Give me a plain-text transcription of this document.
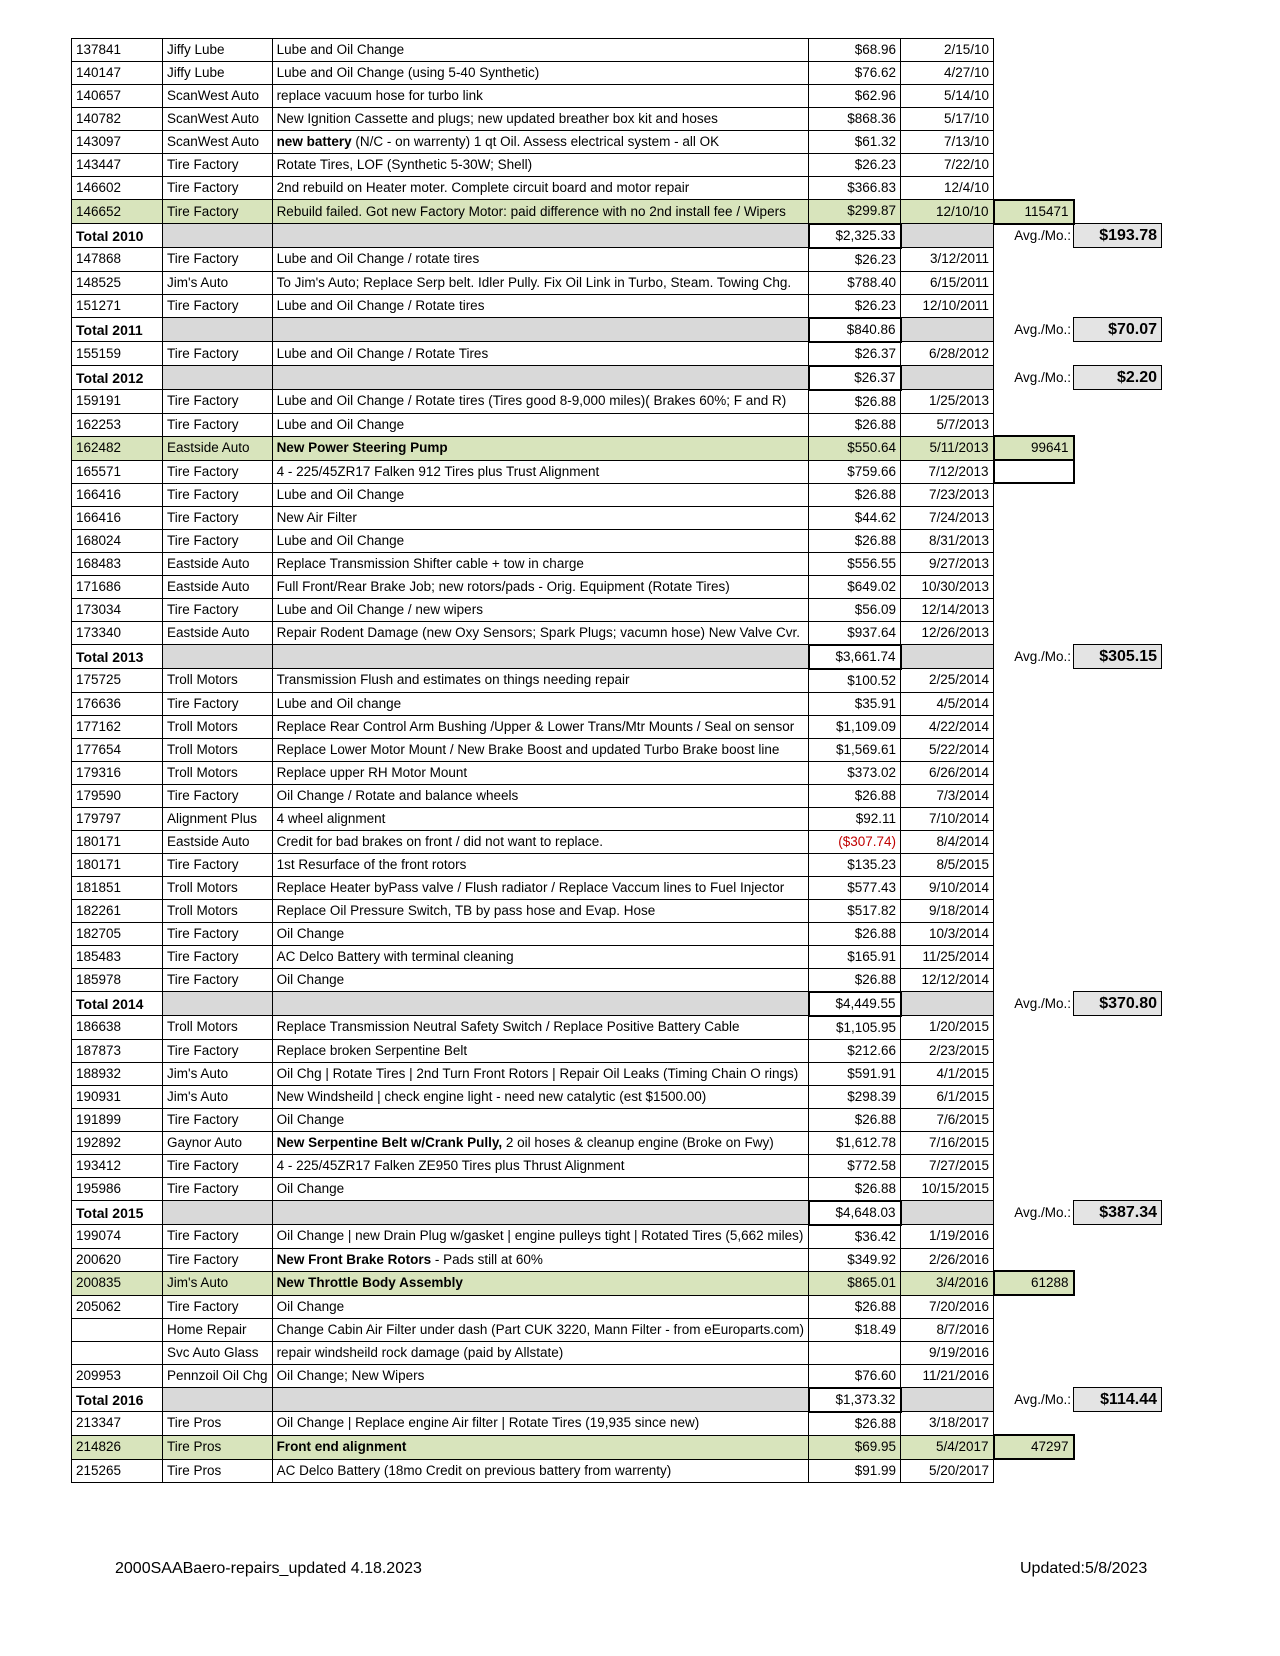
137841	Jiffy Lube	Lube and Oil Change	$68.96	2/15/10		
140147	Jiffy Lube	Lube and Oil Change (using 5-40 Synthetic)	$76.62	4/27/10		
140657	ScanWest Auto	replace vacuum hose for turbo link	$62.96	5/14/10		
140782	ScanWest Auto	New Ignition Cassette and plugs; new updated breather box kit and hoses	$868.36	5/17/10		
143097	ScanWest Auto	new battery (N/C - on warrenty) 1 qt Oil. Assess electrical system - all OK	$61.32	7/13/10		
143447	Tire Factory	Rotate Tires, LOF (Synthetic 5-30W; Shell)	$26.23	7/22/10		
146602	Tire Factory	2nd rebuild on Heater moter. Complete circuit board and motor repair	$366.83	12/4/10		
146652	Tire Factory	Rebuild failed. Got new Factory Motor: paid difference with no 2nd install fee / Wipers	$299.87	12/10/10	115471	
Total 2010			$2,325.33		Avg./Mo.:	$193.78
147868	Tire Factory	Lube and Oil Change / rotate tires	$26.23	3/12/2011		
148525	Jim's Auto	To Jim's Auto; Replace Serp belt. Idler Pully. Fix Oil Link in Turbo, Steam. Towing Chg.	$788.40	6/15/2011		
151271	Tire Factory	Lube and Oil Change / Rotate tires	$26.23	12/10/2011		
Total 2011			$840.86		Avg./Mo.:	$70.07
155159	Tire Factory	Lube and Oil Change / Rotate Tires	$26.37	6/28/2012		
Total 2012			$26.37		Avg./Mo.:	$2.20
159191	Tire Factory	Lube and Oil Change / Rotate tires (Tires good 8-9,000 miles)( Brakes 60%; F and R)	$26.88	1/25/2013		
162253	Tire Factory	Lube and Oil Change	$26.88	5/7/2013		
162482	Eastside Auto	New Power Steering Pump	$550.64	5/11/2013	99641	
165571	Tire Factory	4 - 225/45ZR17 Falken 912 Tires plus Trust Alignment	$759.66	7/12/2013		
166416	Tire Factory	Lube and Oil Change	$26.88	7/23/2013		
166416	Tire Factory	New Air Filter	$44.62	7/24/2013		
168024	Tire Factory	Lube and Oil Change	$26.88	8/31/2013		
168483	Eastside Auto	Replace Transmission Shifter cable + tow in charge	$556.55	9/27/2013		
171686	Eastside Auto	Full Front/Rear Brake Job; new rotors/pads - Orig. Equipment (Rotate Tires)	$649.02	10/30/2013		
173034	Tire Factory	Lube and Oil Change / new wipers	$56.09	12/14/2013		
173340	Eastside Auto	Repair Rodent Damage (new Oxy Sensors; Spark Plugs; vacumn hose) New Valve Cvr.	$937.64	12/26/2013		
Total 2013			$3,661.74		Avg./Mo.:	$305.15
175725	Troll Motors	Transmission Flush and estimates on things needing repair	$100.52	2/25/2014		
176636	Tire Factory	Lube and Oil change	$35.91	4/5/2014		
177162	Troll Motors	Replace Rear Control Arm Bushing /Upper & Lower Trans/Mtr Mounts / Seal on sensor	$1,109.09	4/22/2014		
177654	Troll Motors	Replace Lower Motor Mount / New Brake Boost and updated Turbo Brake boost line	$1,569.61	5/22/2014		
179316	Troll Motors	Replace upper RH Motor Mount	$373.02	6/26/2014		
179590	Tire Factory	Oil Change / Rotate and balance wheels	$26.88	7/3/2014		
179797	Alignment Plus	4 wheel alignment	$92.11	7/10/2014		
180171	Eastside Auto	Credit for bad brakes on front / did not want to replace.	($307.74)	8/4/2014		
180171	Tire Factory	1st Resurface of the front rotors	$135.23	8/5/2015		
181851	Troll Motors	Replace Heater byPass valve / Flush radiator / Replace Vaccum lines to Fuel Injector	$577.43	9/10/2014		
182261	Troll Motors	Replace Oil Pressure Switch, TB by pass hose and Evap. Hose	$517.82	9/18/2014		
182705	Tire Factory	Oil Change	$26.88	10/3/2014		
185483	Tire Factory	AC Delco Battery with terminal cleaning	$165.91	11/25/2014		
185978	Tire Factory	Oil Change	$26.88	12/12/2014		
Total 2014			$4,449.55		Avg./Mo.:	$370.80
186638	Troll Motors	Replace Transmission Neutral Safety Switch / Replace Positive Battery Cable	$1,105.95	1/20/2015		
187873	Tire Factory	Replace broken Serpentine Belt	$212.66	2/23/2015		
188932	Jim's Auto	Oil Chg | Rotate Tires | 2nd Turn Front Rotors | Repair Oil Leaks (Timing Chain O rings)	$591.91	4/1/2015		
190931	Jim's Auto	New Windsheild | check engine light - need new catalytic (est $1500.00)	$298.39	6/1/2015		
191899	Tire Factory	Oil Change	$26.88	7/6/2015		
192892	Gaynor Auto	New Serpentine Belt w/Crank Pully, 2 oil hoses & cleanup engine (Broke on Fwy)	$1,612.78	7/16/2015		
193412	Tire Factory	4 - 225/45ZR17 Falken ZE950 Tires plus Thrust Alignment	$772.58	7/27/2015		
195986	Tire Factory	Oil Change	$26.88	10/15/2015		
Total 2015			$4,648.03		Avg./Mo.:	$387.34
199074	Tire Factory	Oil Change | new Drain Plug w/gasket | engine pulleys tight | Rotated Tires (5,662 miles)	$36.42	1/19/2016		
200620	Tire Factory	New Front Brake Rotors - Pads still at 60%	$349.92	2/26/2016		
200835	Jim's Auto	New Throttle Body Assembly	$865.01	3/4/2016	61288	
205062	Tire Factory	Oil Change	$26.88	7/20/2016		
	Home Repair	Change Cabin Air Filter under dash (Part CUK 3220, Mann Filter - from eEuroparts.com)	$18.49	8/7/2016		
	Svc Auto Glass	repair windsheild rock damage (paid by Allstate)		9/19/2016		
209953	Pennzoil Oil Chg	Oil Change; New Wipers	$76.60	11/21/2016		
Total 2016			$1,373.32		Avg./Mo.:	$114.44
213347	Tire Pros	Oil Change | Replace engine Air filter | Rotate Tires (19,935 since new)	$26.88	3/18/2017		
214826	Tire Pros	Front end alignment	$69.95	5/4/2017	47297	
215265	Tire Pros	AC Delco Battery (18mo Credit on previous battery from warrenty)	$91.99	5/20/2017		
2000SAABaero-repairs_updated 4.18.2023	Updated:5/8/2023
